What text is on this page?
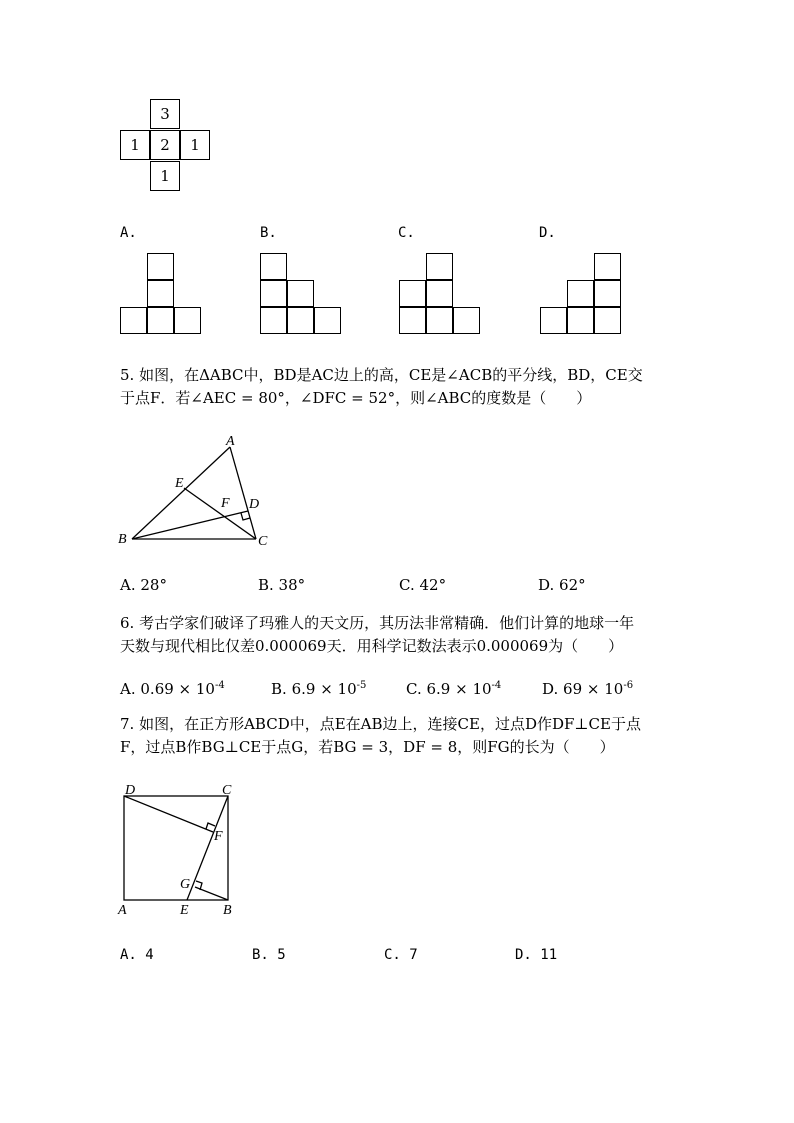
3
1	2	1
1
A.	B.	C.	D.
5. 如图，在ΔABC中，BD是AC边上的高，CE是∠ACB的平分线，BD，CE交
于点F．若∠AEC = 80°，∠DFC = 52°，则∠ABC的度数是（　　）
A
B	C
D
E
F
A. 28°	B. 38°	C. 42°	D. 62°
6. 考古学家们破译了玛雅人的天文历，其历法非常精确．他们计算的地球一年
天数与现代相比仅差0.000069天．用科学记数法表示0.000069为（　　）
A. $0.69 \times 10^{-4}$	B. $6.9 \times 10^{-5}$	C. $6.9 \times 10^{-4}$	D. $69 \times 10^{-6}$
7. 如图，在正方形ABCD中，点E在AB边上，连接CE，过点D作DF⊥CE于点
F，过点B作BG⊥CE于点G，若BG = 3，DF = 8，则FG的长为（　　）
D	C
F
G
A	E B
A. 4	B. 5	C. 7	D. 11
